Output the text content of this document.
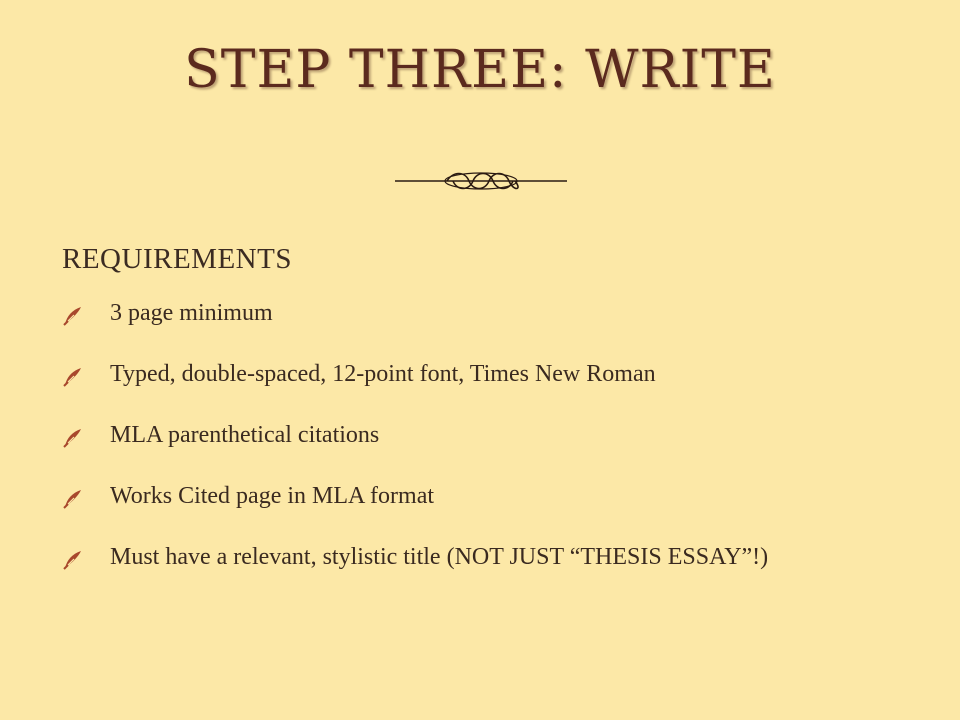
STEP THREE: WRITE
REQUIREMENTS
3 page minimum
Typed, double-spaced, 12-point font, Times New Roman
MLA parenthetical citations
Works Cited page in MLA format
Must have a relevant, stylistic title (NOT JUST “THESIS ESSAY”!)
